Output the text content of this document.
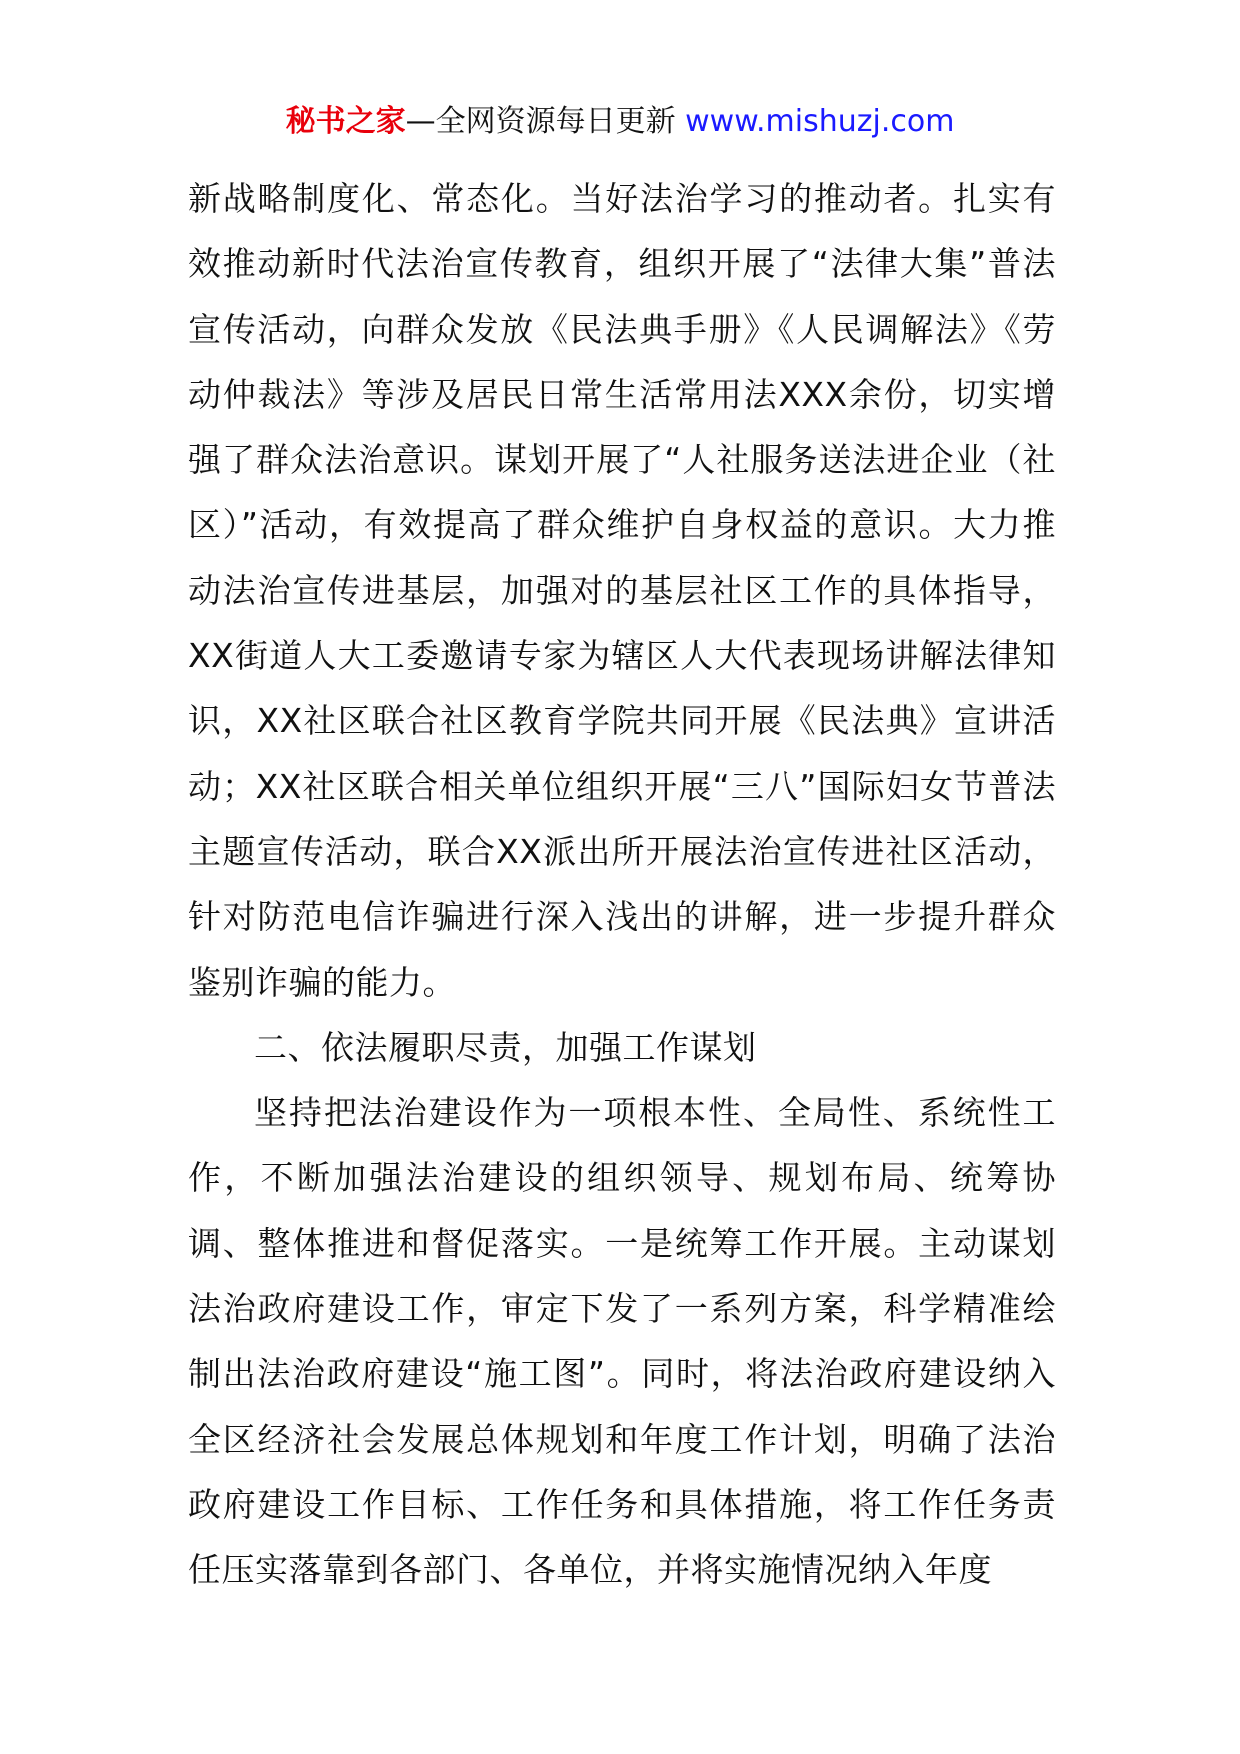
秘书之家—全网资源每日更新 www.mishuzj.com

新战略制度化、常态化。当好法治学习的推动者。扎实有效推动新时代法治宣传教育，组织开展了“法律大集”普法宣传活动，向群众发放《民法典手册》《人民调解法》《劳动仲裁法》等涉及居民日常生活常用法XXX余份，切实增强了群众法治意识。谋划开展了“人社服务送法进企业（社区）”活动，有效提高了群众维护自身权益的意识。大力推动法治宣传进基层，加强对的基层社区工作的具体指导，XX街道人大工委邀请专家为辖区人大代表现场讲解法律知识，XX社区联合社区教育学院共同开展《民法典》宣讲活动；XX社区联合相关单位组织开展“三八”国际妇女节普法主题宣传活动，联合XX派出所开展法治宣传进社区活动，针对防范电信诈骗进行深入浅出的讲解，进一步提升群众鉴别诈骗的能力。

二、依法履职尽责，加强工作谋划

坚持把法治建设作为一项根本性、全局性、系统性工作，不断加强法治建设的组织领导、规划布局、统筹协调、整体推进和督促落实。一是统筹工作开展。主动谋划法治政府建设工作，审定下发了一系列方案，科学精准绘制出法治政府建设“施工图”。同时，将法治政府建设纳入全区经济社会发展总体规划和年度工作计划，明确了法治政府建设工作目标、工作任务和具体措施，将工作任务责任压实落靠到各部门、各单位，并将实施情况纳入年度
